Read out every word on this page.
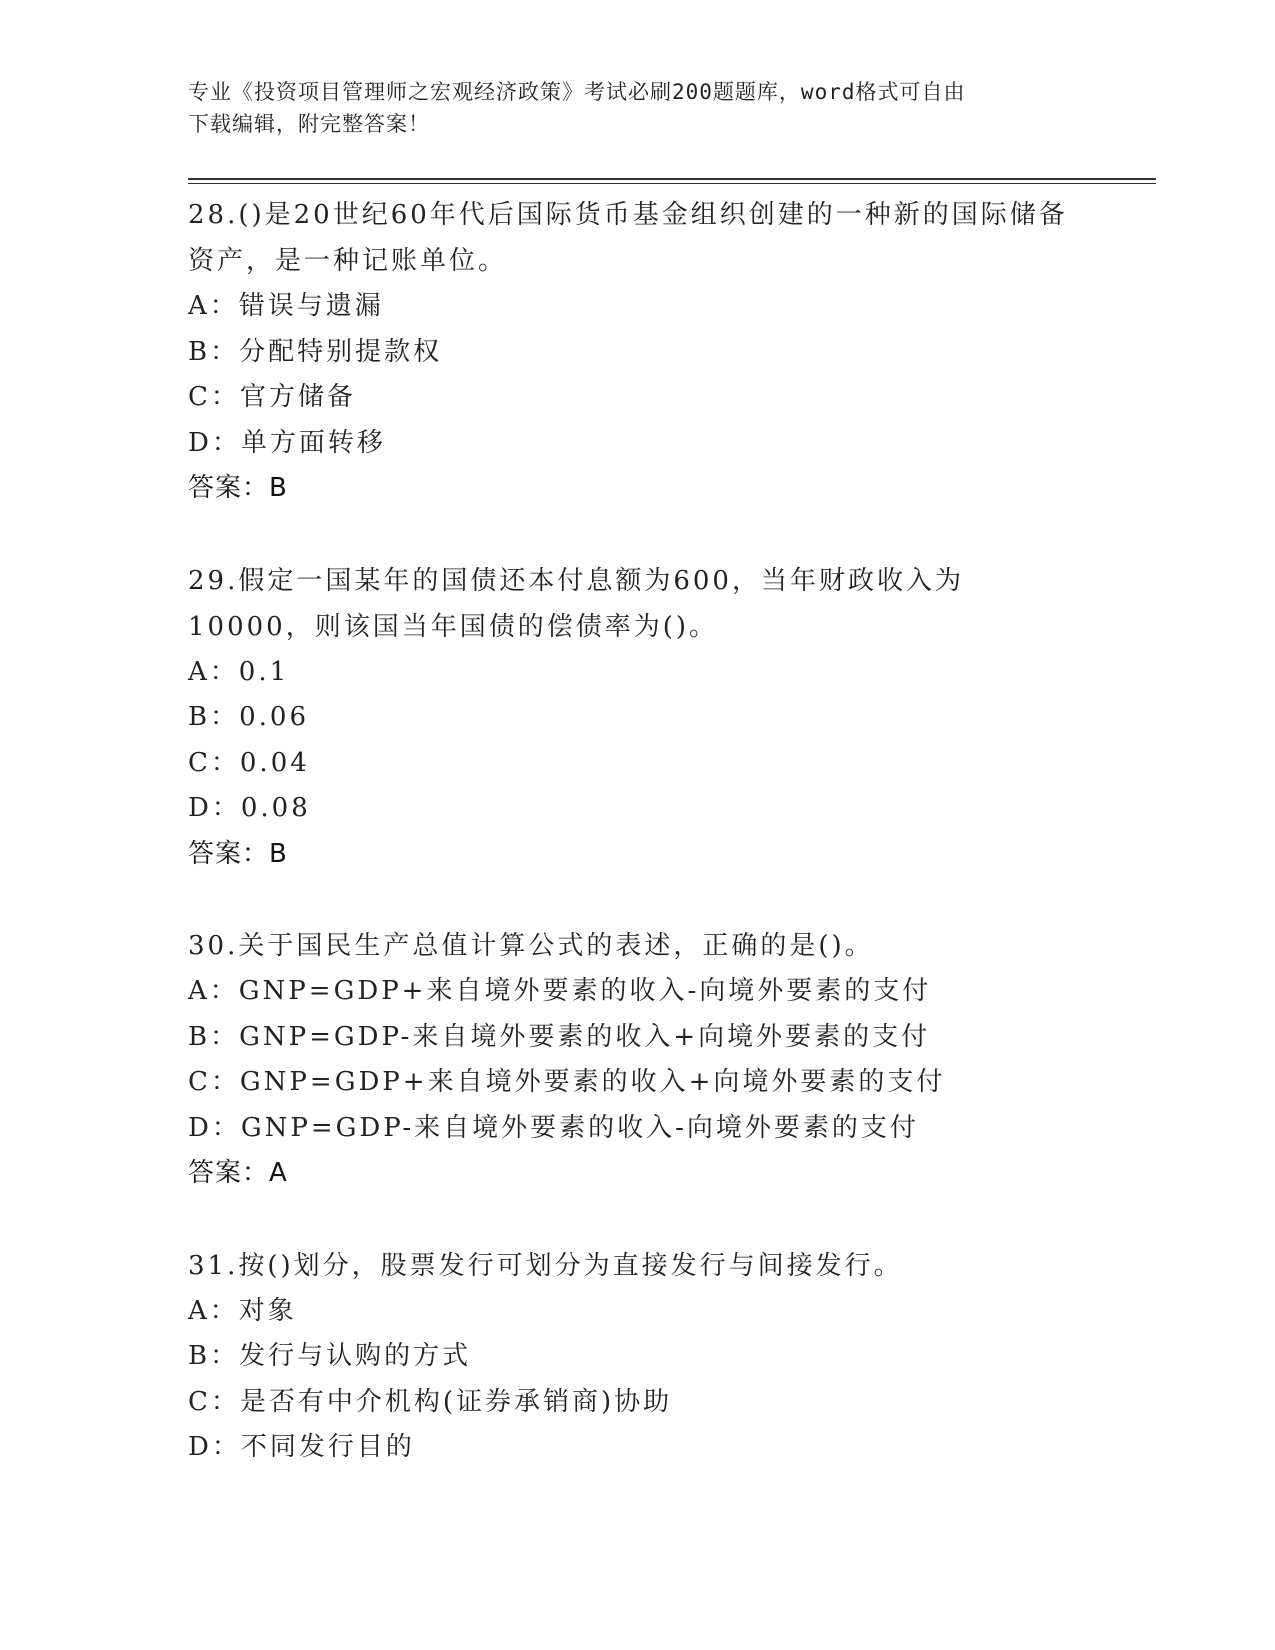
专业《投资项目管理师之宏观经济政策》考试必刷200题题库，word格式可自由
下载编辑，附完整答案！

28.()是20世纪60年代后国际货币基金组织创建的一种新的国际储备资产，是一种记账单位。

A：错误与遗漏

B：分配特别提款权

C：官方储备

D：单方面转移

答案：B

29.假定一国某年的国债还本付息额为600，当年财政收入为10000，则该国当年国债的偿债率为()。

A：0.1

B：0.06

C：0.04

D：0.08

答案：B

30.关于国民生产总值计算公式的表述，正确的是()。

A：GNP=GDP+来自境外要素的收入-向境外要素的支付

B：GNP=GDP-来自境外要素的收入+向境外要素的支付

C：GNP=GDP+来自境外要素的收入+向境外要素的支付

D：GNP=GDP-来自境外要素的收入-向境外要素的支付

答案：A

31.按()划分，股票发行可划分为直接发行与间接发行。

A：对象

B：发行与认购的方式

C：是否有中介机构(证券承销商)协助

D：不同发行目的
